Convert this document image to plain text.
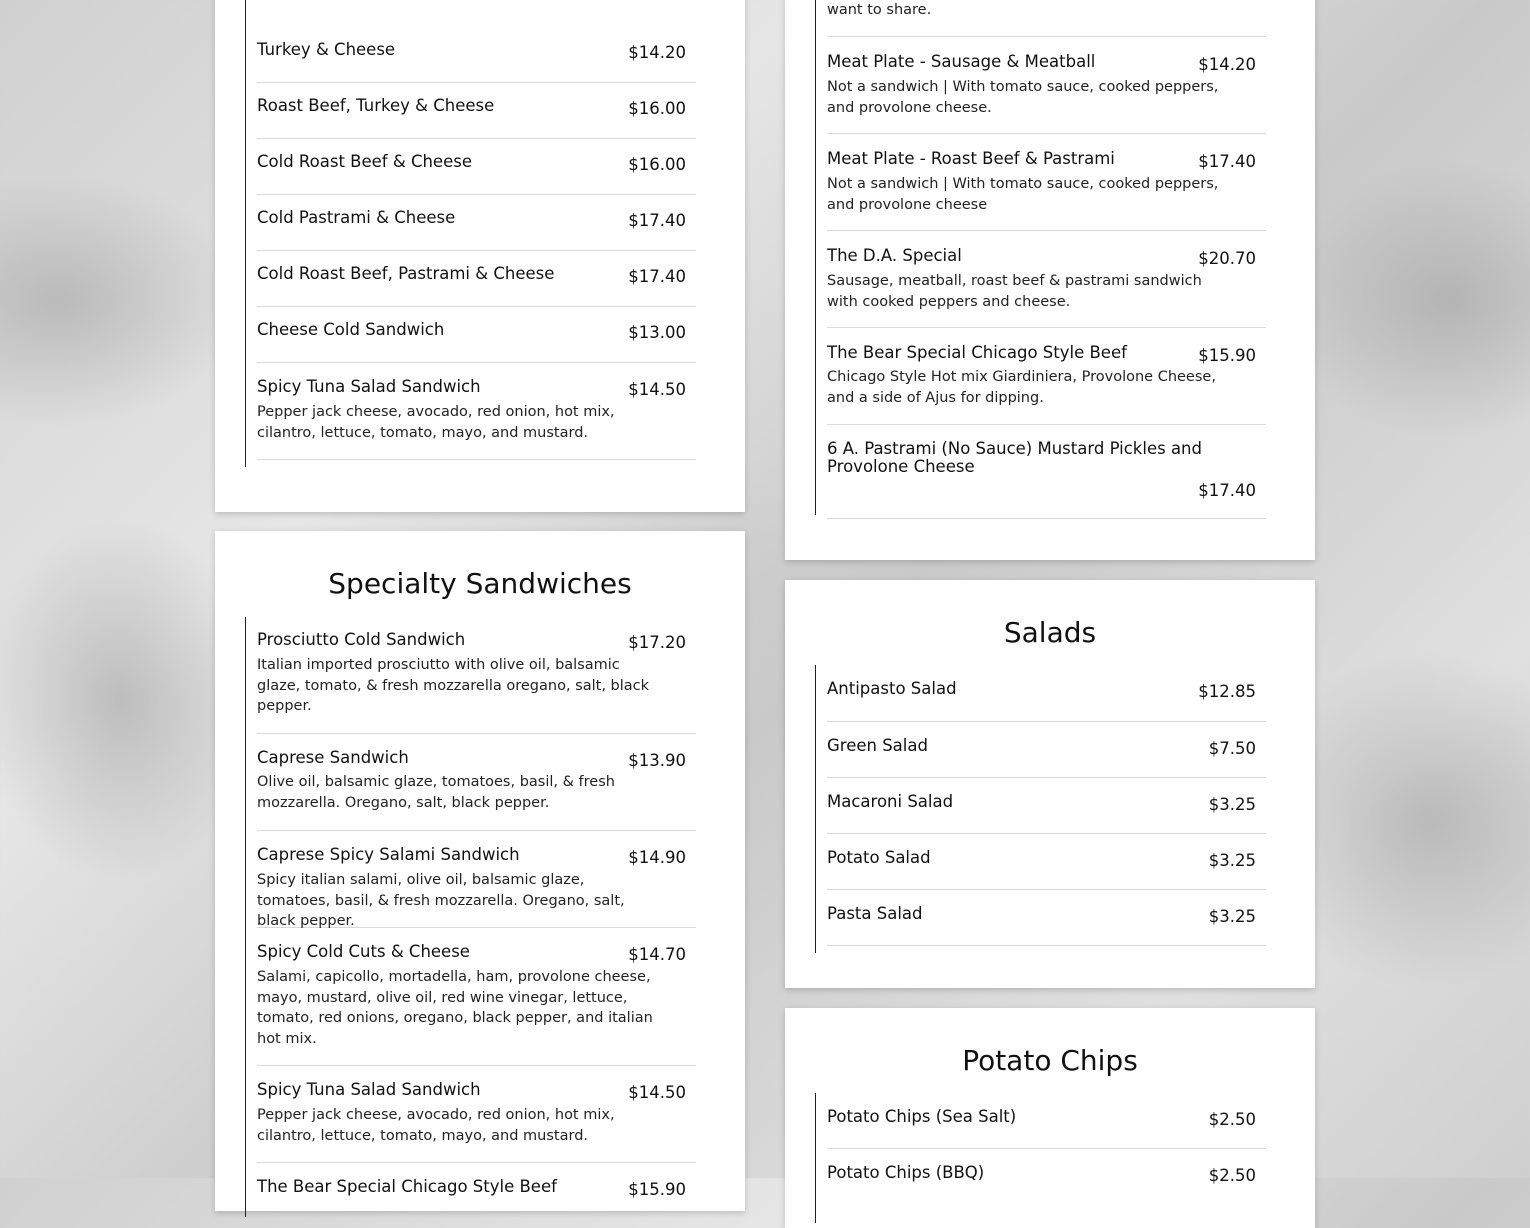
Turkey & Cheese	$14.20
Roast Beef, Turkey & Cheese	$16.00
Cold Roast Beef & Cheese	$16.00
Cold Pastrami & Cheese	$17.40
Cold Roast Beef, Pastrami & Cheese	$17.40
Cheese Cold Sandwich	$13.00
Spicy Tuna Salad Sandwich	$14.50
Pepper jack cheese, avocado, red onion, hot mix, cilantro, lettuce, tomato, mayo, and mustard.
Specialty Sandwiches
Prosciutto Cold Sandwich	$17.20
Italian imported prosciutto with olive oil, balsamic glaze, tomato, & fresh mozzarella oregano, salt, black pepper.
Caprese Sandwich	$13.90
Olive oil, balsamic glaze, tomatoes, basil, & fresh mozzarella. Oregano, salt, black pepper.
Caprese Spicy Salami Sandwich	$14.90
Spicy italian salami, olive oil, balsamic glaze, tomatoes, basil, & fresh mozzarella. Oregano, salt, black pepper.
Spicy Cold Cuts & Cheese	$14.70
Salami, capicollo, mortadella, ham, provolone cheese, mayo, mustard, olive oil, red wine vinegar, lettuce, tomato, red onions, oregano, black pepper, and italian hot mix.
Spicy Tuna Salad Sandwich	$14.50
Pepper jack cheese, avocado, red onion, hot mix, cilantro, lettuce, tomato, mayo, and mustard.
The Bear Special Chicago Style Beef	$15.90
want to share.
Meat Plate - Sausage & Meatball	$14.20
Not a sandwich | With tomato sauce, cooked peppers, and provolone cheese.
Meat Plate - Roast Beef & Pastrami	$17.40
Not a sandwich | With tomato sauce, cooked peppers, and provolone cheese
The D.A. Special	$20.70
Sausage, meatball, roast beef & pastrami sandwich with cooked peppers and cheese.
The Bear Special Chicago Style Beef	$15.90
Chicago Style Hot mix Giardiniera, Provolone Cheese, and a side of Ajus for dipping.
6 A. Pastrami (No Sauce) Mustard Pickles and Provolone Cheese
$17.40
Salads
Antipasto Salad	$12.85
Green Salad	$7.50
Macaroni Salad	$3.25
Potato Salad	$3.25
Pasta Salad	$3.25
Potato Chips
Potato Chips (Sea Salt)	$2.50
Potato Chips (BBQ)	$2.50
